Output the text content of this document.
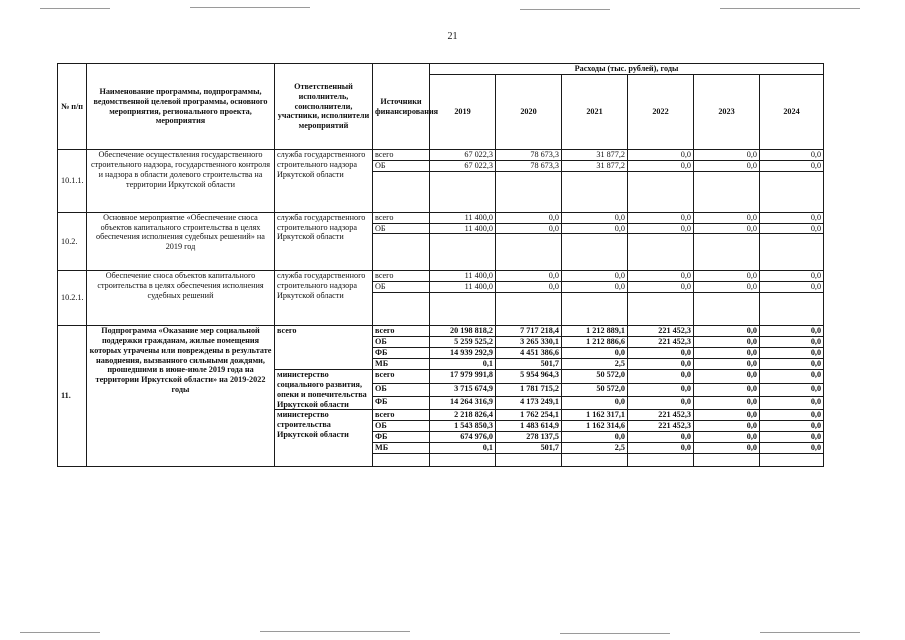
21
№ п/п	Наименование программы, подпрограммы, ведомственной целевой программы, основного мероприятия, регионального проекта, мероприятия	Ответственный исполнитель, соисполнители, участники, исполнители мероприятий	Источники финансирования	Расходы (тыс. рублей), годы					
				2019	2020	2021	2022	2023	2024
10.1.1.	Обеспечение осуществления государственного строительного надзора, государственного контроля и надзора в области долевого строительства на территории Иркутской области	служба государственного строительного надзора Иркутской области	всего	67 022,3	78 673,3	31 877,2	0,0	0,0	0,0
			ОБ	67 022,3	78 673,3	31 877,2	0,0	0,0	0,0

10.2.	Основное мероприятие «Обеспечение сноса объектов капитального строительства в целях обеспечения исполнения судебных решений» на 2019 год	служба государственного строительного надзора Иркутской области	всего	11 400,0	0,0	0,0	0,0	0,0	0,0
			ОБ	11 400,0	0,0	0,0	0,0	0,0	0,0

10.2.1.	Обеспечение сноса объектов капитального строительства в целях обеспечения исполнения судебных решений	служба государственного строительного надзора Иркутской области	всего	11 400,0	0,0	0,0	0,0	0,0	0,0
			ОБ	11 400,0	0,0	0,0	0,0	0,0	0,0

11.	Подпрограмма «Оказание мер социальной поддержки гражданам, жилые помещения которых утрачены или повреждены в результате наводнения, вызванного сильными дождями, прошедшими в июне-июле 2019 года на территории Иркутской области» на 2019-2022 годы	всего	всего	20 198 818,2	7 717 218,4	1 212 889,1	221 452,3	0,0	0,0
			ОБ	5 259 525,2	3 265 330,1	1 212 886,6	221 452,3	0,0	0,0
			ФБ	14 939 292,9	4 451 386,6	0,0	0,0	0,0	0,0
			МБ	0,1	501,7	2,5	0,0	0,0	0,0
		министерство социального развития, опеки и попечительства Иркутской области	всего	17 979 991,8	5 954 964,3	50 572,0	0,0	0,0	0,0
			ОБ	3 715 674,9	1 781 715,2	50 572,0	0,0	0,0	0,0
			ФБ	14 264 316,9	4 173 249,1	0,0	0,0	0,0	0,0
		министерство строительства Иркутской области	всего	2 218 826,4	1 762 254,1	1 162 317,1	221 452,3	0,0	0,0
			ОБ	1 543 850,3	1 483 614,9	1 162 314,6	221 452,3	0,0	0,0
			ФБ	674 976,0	278 137,5	0,0	0,0	0,0	0,0
			МБ	0,1	501,7	2,5	0,0	0,0	0,0
